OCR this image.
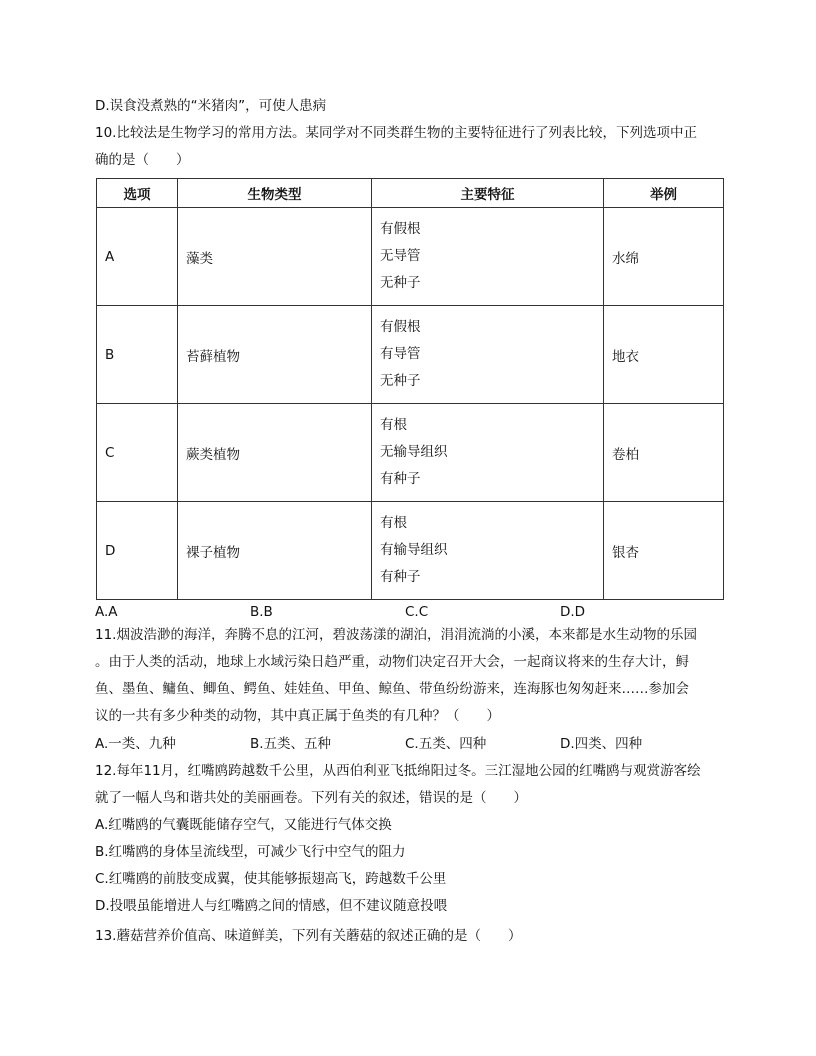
D.误食没煮熟的“米猪肉”，可使人患病
10.比较法是生物学习的常用方法。某同学对不同类群生物的主要特征进行了列表比较，下列选项中正
确的是（　　）
选项	生物类型	主要特征	举例
A	藻类	有假根
无导管
无种子	水绵
B	苔藓植物	有假根
有导管
无种子	地衣
C	蕨类植物	有根
无输导组织
有种子	卷柏
D	裸子植物	有根
有输导组织
有种子	银杏
A.A	B.B	C.C	D.D
11.烟波浩渺的海洋，奔腾不息的江河，碧波荡漾的湖泊，涓涓流淌的小溪，本来都是水生动物的乐园
。由于人类的活动，地球上水域污染日趋严重，动物们决定召开大会，一起商议将来的生存大计，鲟
鱼、墨鱼、鳙鱼、鲫鱼、鳄鱼、娃娃鱼、甲鱼、鲸鱼、带鱼纷纷游来，连海豚也匆匆赶来……参加会
议的一共有多少种类的动物，其中真正属于鱼类的有几种？（　　）
A.一类、九种	B.五类、五种	C.五类、四种	D.四类、四种
12.每年11月，红嘴鸥跨越数千公里，从西伯利亚飞抵绵阳过冬。三江湿地公园的红嘴鸥与观赏游客绘
就了一幅人鸟和谐共处的美丽画卷。下列有关的叙述，错误的是（　　）
A.红嘴鸥的气囊既能储存空气，又能进行气体交换
B.红嘴鸥的身体呈流线型，可减少飞行中空气的阻力
C.红嘴鸥的前肢变成翼，使其能够振翅高飞，跨越数千公里
D.投喂虽能增进人与红嘴鸥之间的情感，但不建议随意投喂
13.蘑菇营养价值高、味道鲜美，下列有关蘑菇的叙述正确的是（　　）
